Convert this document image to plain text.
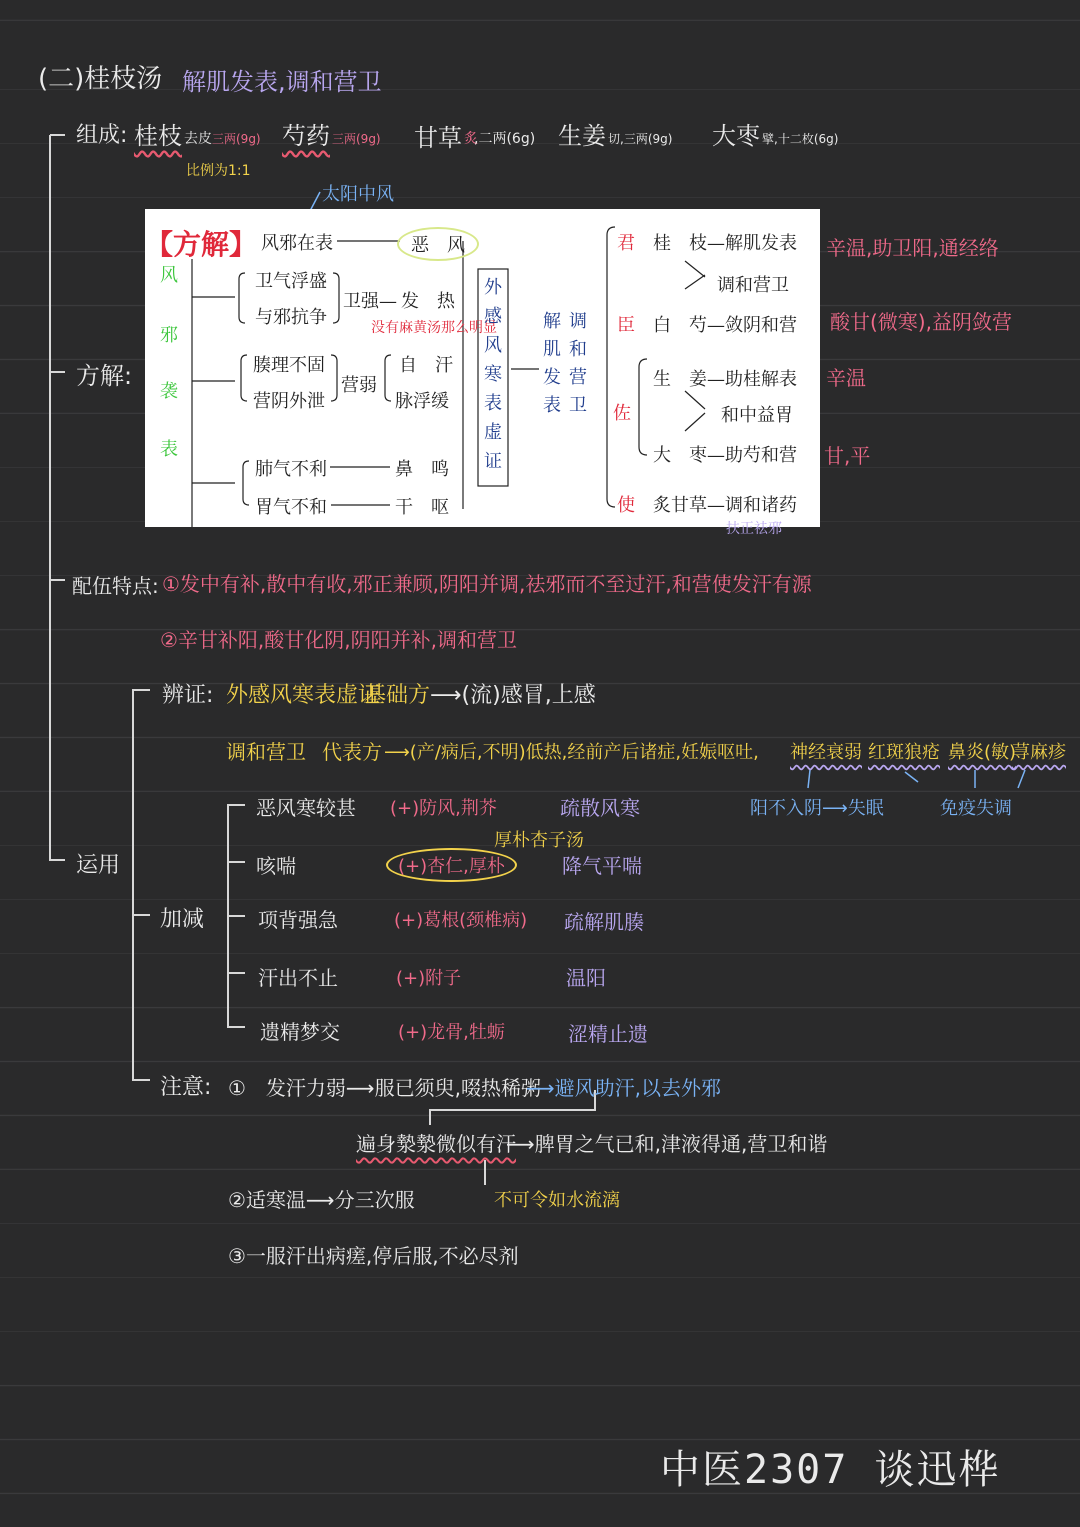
(二)桂枝汤 解肌发表,调和营卫
组成: 桂枝 去皮 三两(9g)
比例为1:1
芍药 三两(9g) 甘草 炙
,二两(6g) 生姜 切,三两(9g) 大枣 擘,十二枚(6g)
方解:
太阳中风
【方解】
风
邪
袭
表
风邪在表	恶　风
卫气浮盛
与邪抗争
卫强— 发　热
没有麻黄汤那么明显
腠理不固
营阴外泄
营弱
自　汗
脉浮缓
肺气不利	鼻　鸣
胃气不和	干　呕
外
感
风
寒
表
虚
证
解
肌
发
表
调
和
营
卫
君 桂　枝—解肌发表
调和营卫
臣 白　芍—敛阴和营
佐
生　姜—助桂解表
和中益胃
大　枣—助芍和营
使 炙甘草—调和诸药
扶正祛邪
辛温,助卫阳,通经络
酸甘(微寒),益阴敛营
辛温
甘,平
配伍特点: ①发中有补,散中有收,邪正兼顾,阴阳并调,祛邪而不至过汗,和营使发汗有源
②辛甘补阳,酸甘化阴,阴阳并补,调和营卫
运用
辨证: 外感风寒表虚证
基础方 ⟶(流)感冒,上感
调和营卫 代表方 ⟶(产/病后,不明)低热,经前产后诸症,妊娠呕吐, 神经衰弱 红斑狼疮 鼻炎(敏)
荨麻疹
阳不入阴⟶失眠	免疫失调
加减
恶风寒较甚 (+)防风,荆芥	疏散风寒
厚朴杏子汤
咳喘	(+)杏仁,厚朴	降气平喘
项背强急	(+)葛根(颈椎病) 疏解肌腠
汗出不止	(+)附子	温阳
遗精梦交	(+)龙骨,牡蛎	涩精止遗
注意: ①　发汗力弱⟶服已须臾,啜热稀粥
⟶避风助汗,以去外邪
遍身漐漐微似有汗
⟶脾胃之气已和,津液得通,营卫和谐
不可令如水流漓
②适寒温⟶分三次服
③一服汗出病瘥,停后服,不必尽剂
中医2307 谈迅桦
